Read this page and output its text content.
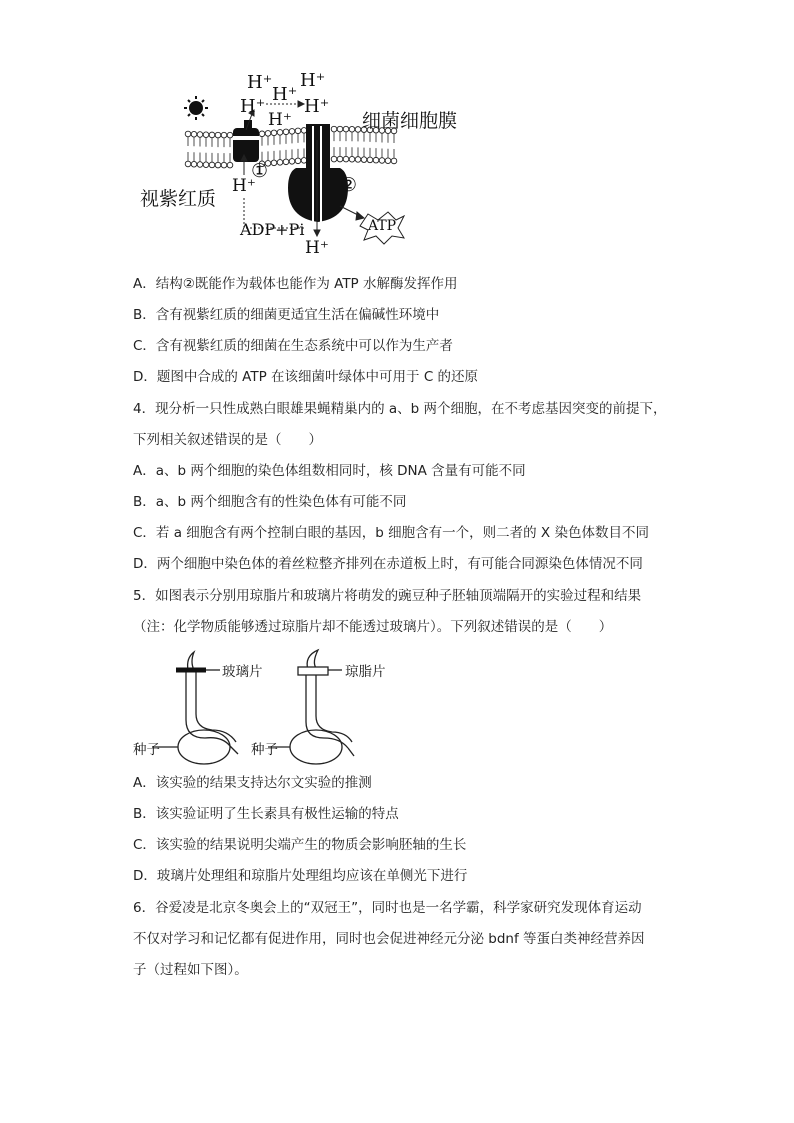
H⁺
H⁺
H⁺
H⁺ H⁺
H⁺
H⁺
H⁺
细菌细胞膜
视紫红质
①
②
ADP+Pi	ATP
A．结构②既能作为载体也能作为 ATP 水解酶发挥作用
B．含有视紫红质的细菌更适宜生活在偏碱性环境中
C．含有视紫红质的细菌在生态系统中可以作为生产者
D．题图中合成的 ATP 在该细菌叶绿体中可用于 C 的还原
4．现分析一只性成熟白眼雄果蝇精巢内的 a、b 两个细胞，在不考虑基因突变的前提下，
下列相关叙述错误的是（　　）
A．a、b 两个细胞的染色体组数相同时，核 DNA 含量有可能不同
B．a、b 两个细胞含有的性染色体有可能不同
C．若 a 细胞含有两个控制白眼的基因，b 细胞含有一个，则二者的 X 染色体数目不同
D．两个细胞中染色体的着丝粒整齐排列在赤道板上时，有可能合同源染色体情况不同
5．如图表示分别用琼脂片和玻璃片将萌发的豌豆种子胚轴顶端隔开的实验过程和结果
（注：化学物质能够透过琼脂片却不能透过玻璃片）。下列叙述错误的是（　　）
玻璃片	琼脂片
种子	种子
A．该实验的结果支持达尔文实验的推测
B．该实验证明了生长素具有极性运输的特点
C．该实验的结果说明尖端产生的物质会影响胚轴的生长
D．玻璃片处理组和琼脂片处理组均应该在单侧光下进行
6．谷爱凌是北京冬奥会上的“双冠王”，同时也是一名学霸，科学家研究发现体育运动
不仅对学习和记忆都有促进作用，同时也会促进神经元分泌 bdnf 等蛋白类神经营养因
子（过程如下图）。
